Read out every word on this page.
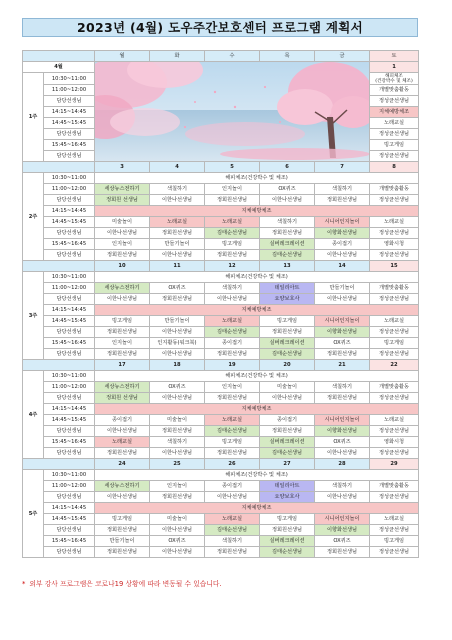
2023년 (4월) 도우주간보호센터 프로그램 계획서
		월	화	수	목	금	토
4월							1
1주	10:30~11:00						해피체조
(건강박수 및 체조)
	11:00~12:00						개별맞춤활동
	담당선생님						정성균선생님
	14:15~14:45						지체예방체조
	14:45~15:45						노래교실
	담당선생님						정성균선생님
	15:45~16:45						빙고게임
	담당선생님						정성균선생님
		3	4	5	6	7	8
2주	10:30~11:00	해피체조(건강박수 및 체조)					
	11:00~12:00	세상뉴스전하기	색칠하기	인지놀이	OX퀴즈	색칠하기	개별맞춤활동
	담당선생님	정회원 선생님	이한나선생님	정회원선생님	이한나선생님	정회원선생님	정성균선생님
	14:15~14:45	지체예방체조					
	14:45~15:45	미술놀이	노래교실	노래교실	색칠하기	시니어인지놀이	노래교실
	담당선생님	이한나선생님	정회원선생님	김태순선생님	정회원선생님	이향화선생님	정성균선생님
	15:45~16:45	인지놀이	만들기놀이	빙고게임	실버레크레이션	종이접기	영화시청
	담당선생님	정회원선생님	이한나선생님	정회원선생님	김태순선생님	이한나선생님	정성균선생님
		10	11	12	13	14	15
3주	10:30~11:00	해피체조(건강박수 및 체조)					
	11:00~12:00	세상뉴스전하기	OX퀴즈	색칠하기	데일리아트	만들기놀이	개별맞춤활동
	담당선생님	이한나선생님	정회원선생님	이한나선생님	요양보호사	이한나선생님	정성균선생님
	14:15~14:45	지체예방체조					
	14:45~15:45	빙고게임	만들기놀이	노래교실	빙고게임	시니어인지놀이	노래교실
	담당선생님	정회원선생님	이한나선생님	김태순선생님	정회원선생님	이향화선생님	정성균선생님
	15:45~16:45	인지놀이	인지활동(워크북)	종이접기	실버레크레이션	OX퀴즈	빙고게임
	담당선생님	정회원선생님	이한나선생님	정회원선생님	김태순선생님	정회원선생님	정성균선생님
		17	18	19	20	21	22
4주	10:30~11:00	해피체조(건강박수 및 체조)					
	11:00~12:00	세상뉴스전하기	OX퀴즈	인지놀이	미술놀이	색칠하기	개별맞춤활동
	담당선생님	정회원 선생님	이한나선생님	정회원선생님	이한나선생님	정회원선생님	정성균선생님
	14:15~14:45	지체예방체조					
	14:45~15:45	종이접기	미술놀이	노래교실	종이접기	시니어인지놀이	노래교실
	담당선생님	이한나선생님	정회원선생님	김태순선생님	정회원선생님	이향화선생님	정성균선생님
	15:45~16:45	노래교실	색칠하기	빙고게임	실버레크레이션	OX퀴즈	영화시청
	담당선생님	정회원선생님	이한나선생님	정회원선생님	김태순선생님	이한나선생님	정성균선생님
		24	25	26	27	28	29
5주	10:30~11:00	해피체조(건강박수 및 체조)					
	11:00~12:00	세상뉴스전하기	인지놀이	종이접기	데일리아트	색칠하기	개별맞춤활동
	담당선생님	이한나선생님	정회원선생님	이한나선생님	요양보호사	이한나선생님	정성균선생님
	14:15~14:45	지체예방체조					
	14:45~15:45	빙고게임	미술놀이	노래교실	빙고게임	시니어인지놀이	노래교실
	담당선생님	정회원선생님	이한나선생님	김태순선생님	정회원선생님	이향화선생님	정성균선생님
	15:45~16:45	만들기놀이	OX퀴즈	색칠하기	실버레크레이션	OX퀴즈	빙고게임
	담당선생님	정회원선생님	이한나선생님	정회원선생님	김태순선생님	정회원선생님	정성균선생님
* 외부 강사 프로그램은 코로나19 상황에 따라 변동될 수 있습니다.
